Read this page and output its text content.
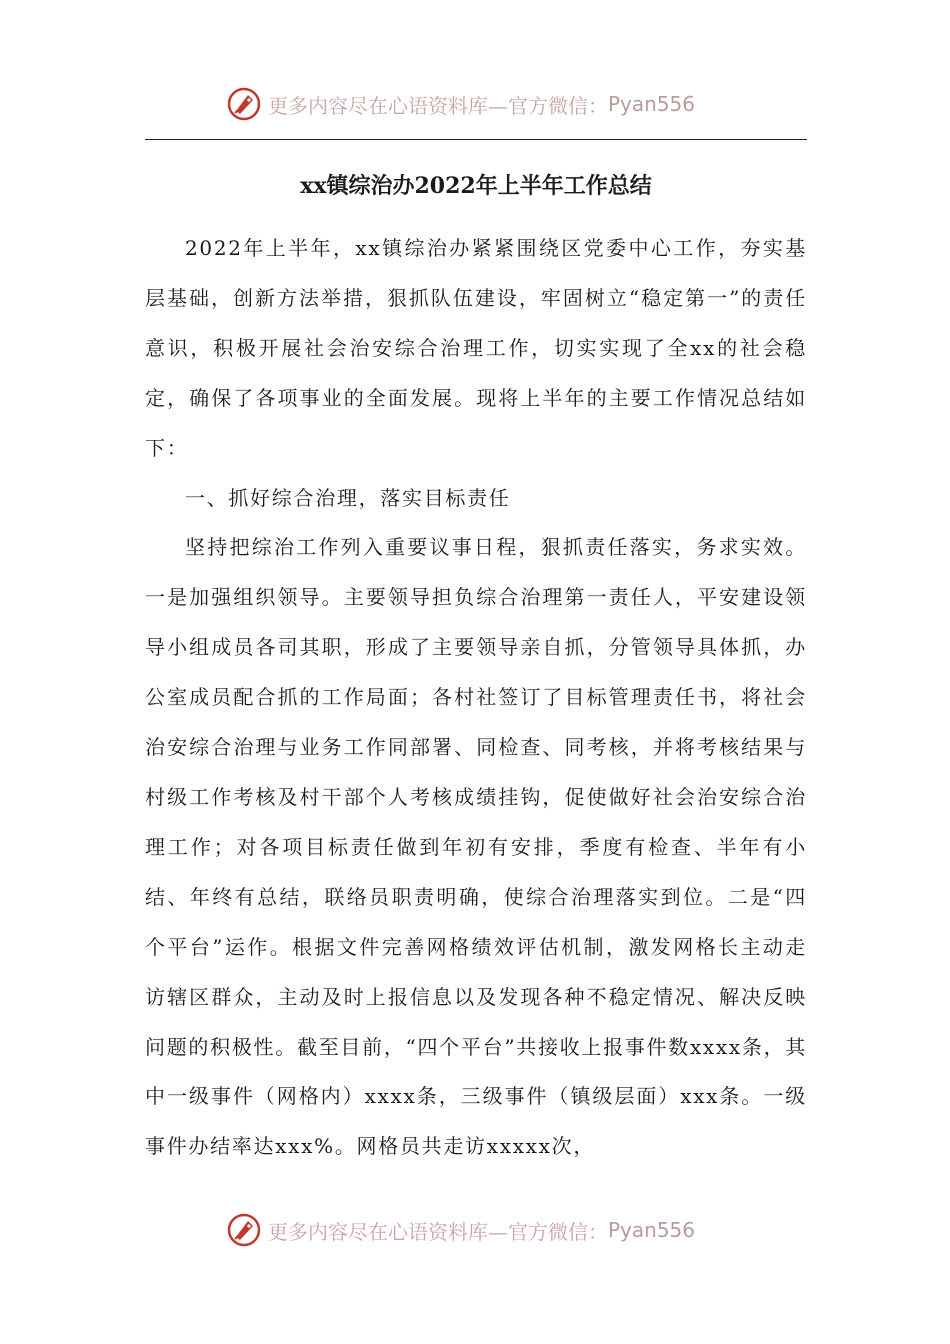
更多内容尽在心语资料库—官方微信： Pyan556
xx镇综治办2022年上半年工作总结

2022年上半年，xx镇综治办紧紧围绕区党委中心工作，夯实基层基础，创新方法举措，狠抓队伍建设，牢固树立“稳定第一”的责任意识，积极开展社会治安综合治理工作，切实实现了全xx的社会稳定，确保了各项事业的全面发展。现将上半年的主要工作情况总结如下：

一、抓好综合治理，落实目标责任

坚持把综治工作列入重要议事日程，狠抓责任落实，务求实效。一是加强组织领导。主要领导担负综合治理第一责任人，平安建设领导小组成员各司其职，形成了主要领导亲自抓，分管领导具体抓，办公室成员配合抓的工作局面；各村社签订了目标管理责任书，将社会治安综合治理与业务工作同部署、同检查、同考核，并将考核结果与村级工作考核及村干部个人考核成绩挂钩，促使做好社会治安综合治理工作；对各项目标责任做到年初有安排，季度有检查、半年有小结、年终有总结，联络员职责明确，使综合治理落实到位。二是“四个平台”运作。根据文件完善网格绩效评估机制，激发网格长主动走访辖区群众，主动及时上报信息以及发现各种不稳定情况、解决反映问题的积极性。截至目前，“四个平台”共接收上报事件数xxxx条，其中一级事件（网格内）xxxx条，三级事件（镇级层面）xxx条。一级事件办结率达xxx%。网格员共走访xxxxx次，

更多内容尽在心语资料库—官方微信： Pyan556
